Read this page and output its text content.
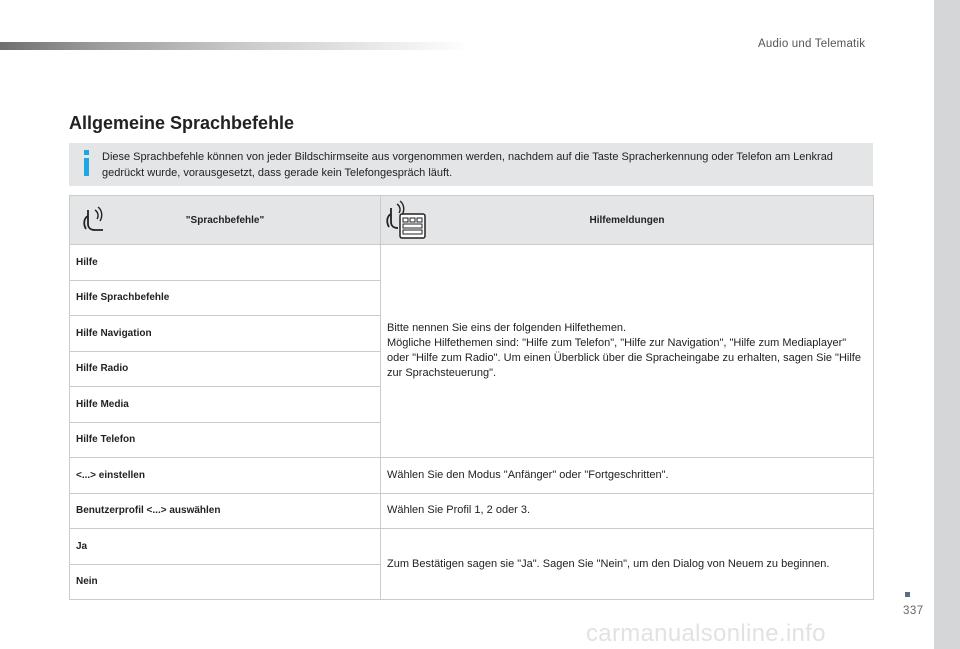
Audio und Telematik
Allgemeine Sprachbefehle
Diese Sprachbefehle können von jeder Bildschirmseite aus vorgenommen werden, nachdem auf die Taste Spracherkennung oder Telefon am Lenkrad gedrückt wurde, vorausgesetzt, dass gerade kein Telefongespräch läuft.
"Sprachbefehle"	Hilfemeldungen

Hilfe	Bitte nennen Sie eins der folgenden Hilfethemen.
Mögliche Hilfethemen sind: "Hilfe zum Telefon", "Hilfe zur Navigation", "Hilfe zum Mediaplayer" oder "Hilfe zum Radio". Um einen Überblick über die Spracheingabe zu erhalten, sagen Sie "Hilfe zur Sprachsteuerung".

Hilfe Sprachbefehle	
Hilfe Navigation	
Hilfe Radio	
Hilfe Media	
Hilfe Telefon	
<...> einstellen	Wählen Sie den Modus "Anfänger" oder "Fortgeschritten".
Benutzerprofil <...> auswählen	Wählen Sie Profil 1, 2 oder 3.
Ja	Zum Bestätigen sagen sie "Ja". Sagen Sie "Nein", um den Dialog von Neuem zu beginnen.
Nein	
337
carmanualsonline.info
